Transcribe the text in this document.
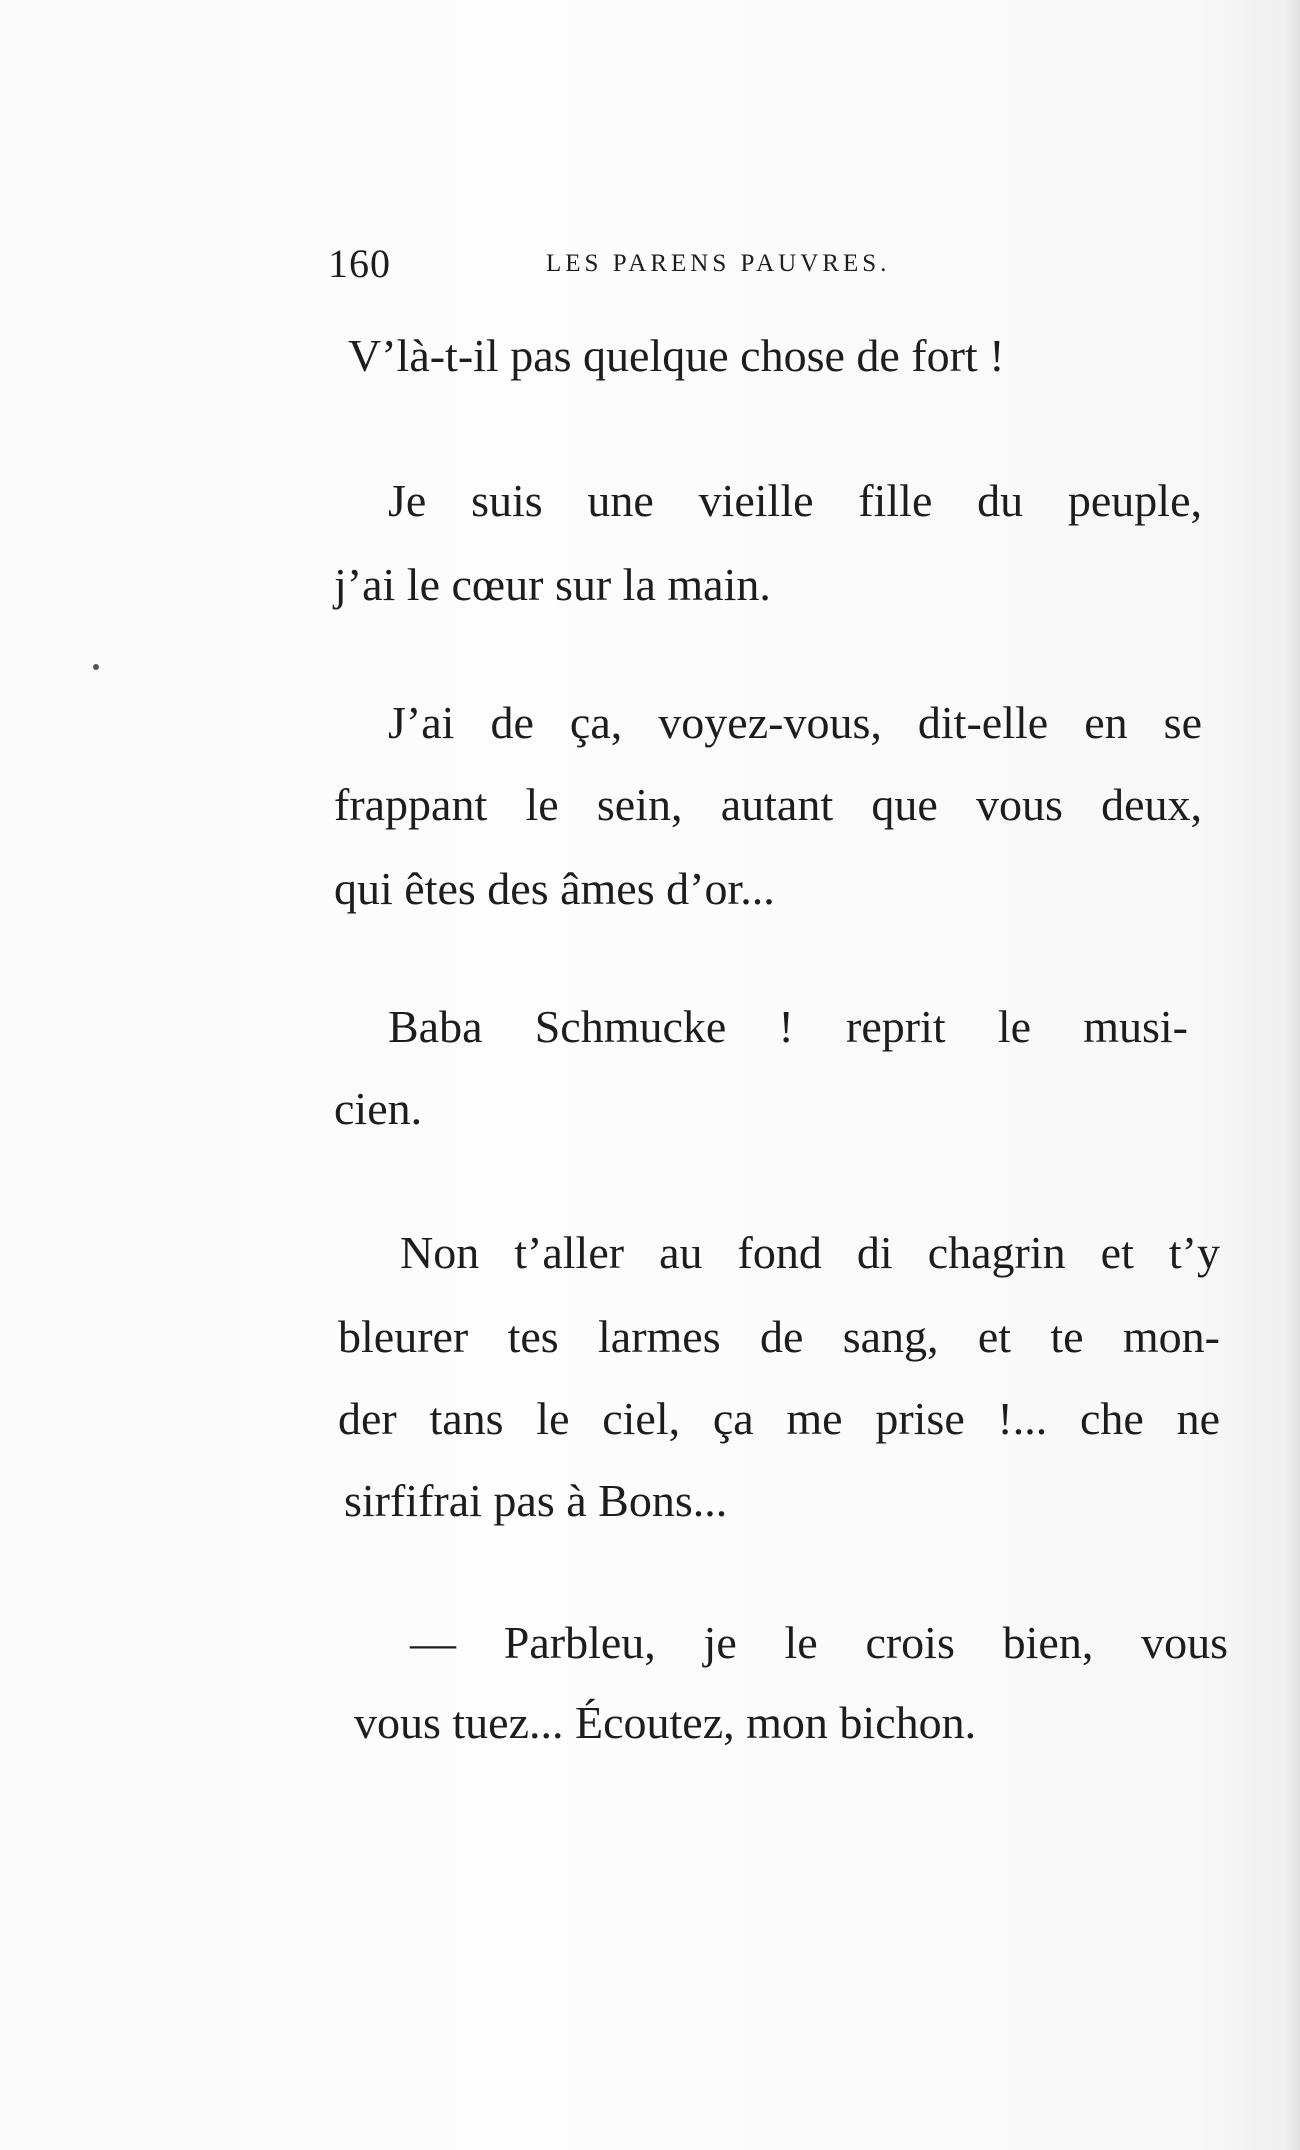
160	LES PARENS PAUVRES.
V’là-t-il pas quelque chose de fort !
Je suis une vieille fille du peuple,
j’ai le cœur sur la main.
J’ai de ça, voyez-vous, dit-elle en se
frappant le sein, autant que vous deux,
qui êtes des âmes d’or...
Baba Schmucke ! reprit le musi-
cien.
Non t’aller au fond di chagrin et t’y
bleurer tes larmes de sang, et te mon-
der tans le ciel, ça me prise !... che ne
sirfifrai pas à Bons...
— Parbleu, je le crois bien, vous
vous tuez... Écoutez, mon bichon.
